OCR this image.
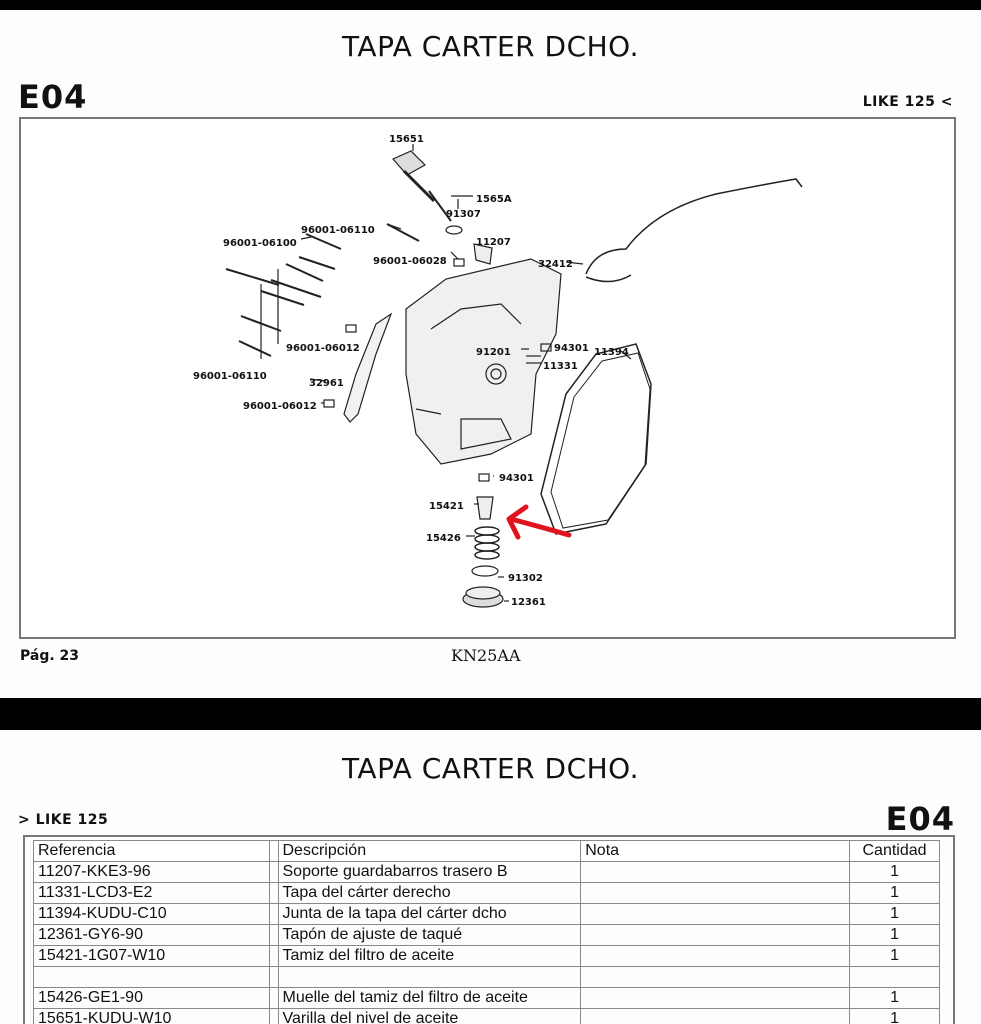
TAPA CARTER DCHO.
E04	LIKE 125 <
15651
1565A
91307
11207
96001-06110
96001-06100
96001-06028	32412
96001-06012	91201	94301 11394
11331
96001-06110
32961
96001-06012
94301
15421
15426
91302
12361
Pág. 23	KN25AA
TAPA CARTER DCHO.
> LIKE 125	E04
Referencia		Descripción	Nota	Cantidad
11207-KKE3-96		Soporte guardabarros trasero B		1
11331-LCD3-E2		Tapa del cárter derecho		1
11394-KUDU-C10		Junta de la tapa del cárter dcho		1
12361-GY6-90		Tapón de ajuste de taqué		1
15421-1G07-W10		Tamiz del filtro de aceite		1

15426-GE1-90		Muelle del tamiz del filtro de aceite		1
15651-KUDU-W10		Varilla del nivel de aceite		1
